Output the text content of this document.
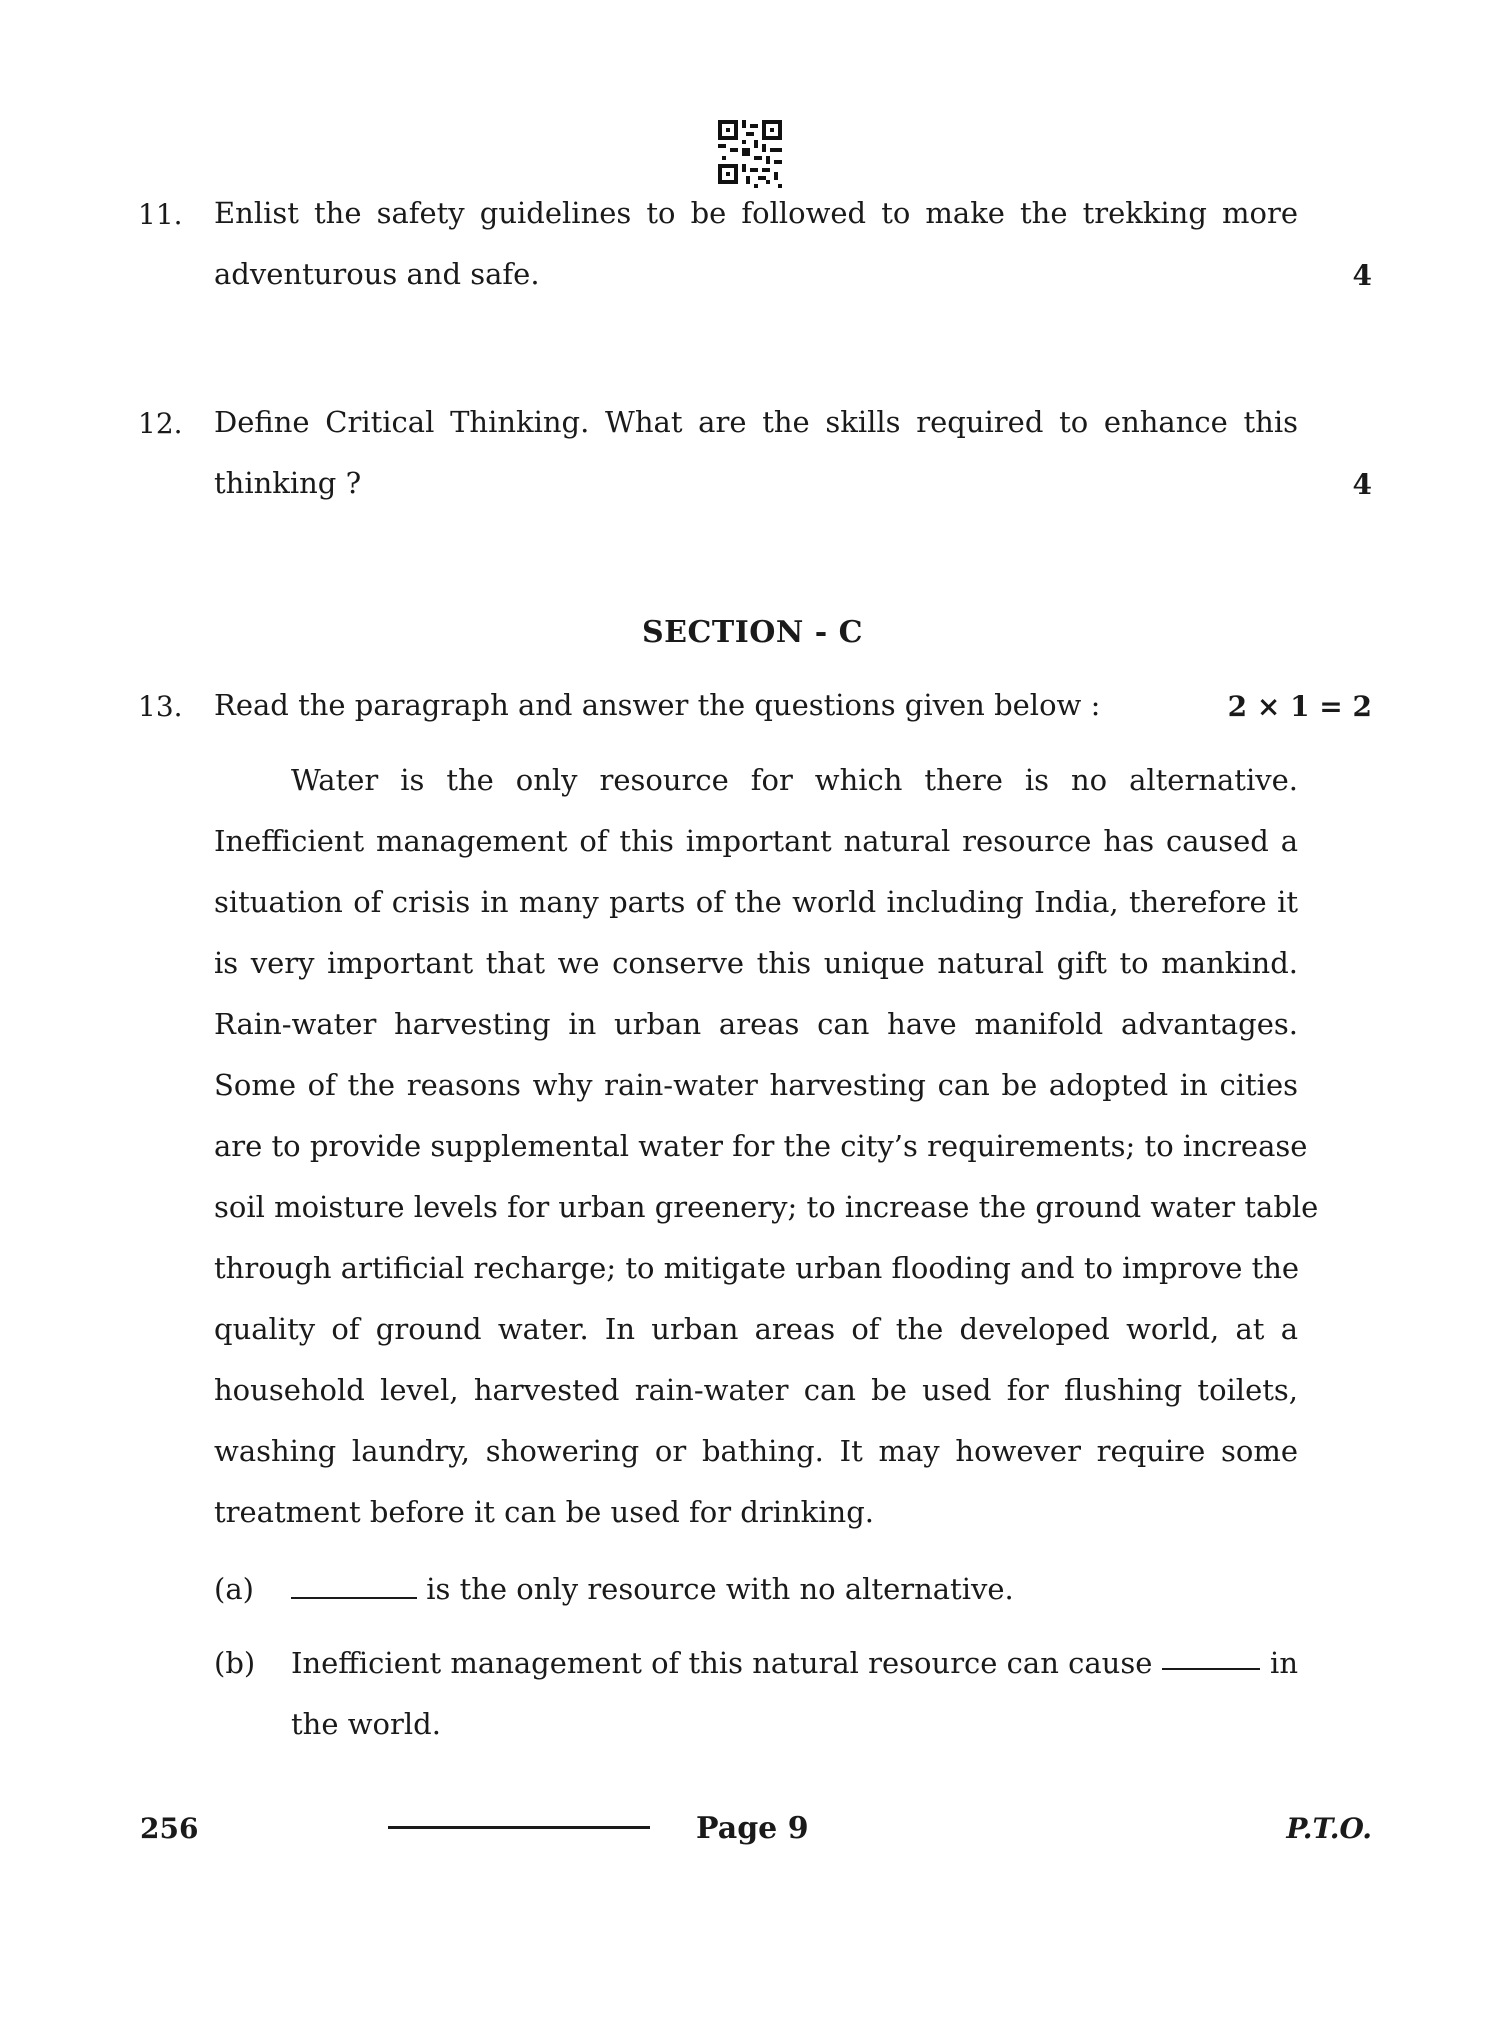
11. Enlist the safety guidelines to be followed to make the trekking more
adventurous and safe.	4
12. Define Critical Thinking. What are the skills required to enhance this
thinking ?	4
SECTION - C
13. Read the paragraph and answer the questions given below :	2 × 1 = 2
Water is the only resource for which there is no alternative.
Inefficient management of this important natural resource has caused a
situation of crisis in many parts of the world including India, therefore it
is very important that we conserve this unique natural gift to mankind.
Rain-water harvesting in urban areas can have manifold advantages.
Some of the reasons why rain-water harvesting can be adopted in cities
are to provide supplemental water for the city’s requirements; to increase
soil moisture levels for urban greenery; to increase the ground water table
through artificial recharge; to mitigate urban flooding and to improve the
quality of ground water. In urban areas of the developed world, at a
household level, harvested rain-water can be used for flushing toilets,
washing laundry, showering or bathing. It may however require some
treatment before it can be used for drinking.
(a)	is the only resource with no alternative.
(b) Inefficient management of this natural resource can cause	in
the world.
256	Page 9	P.T.O.
